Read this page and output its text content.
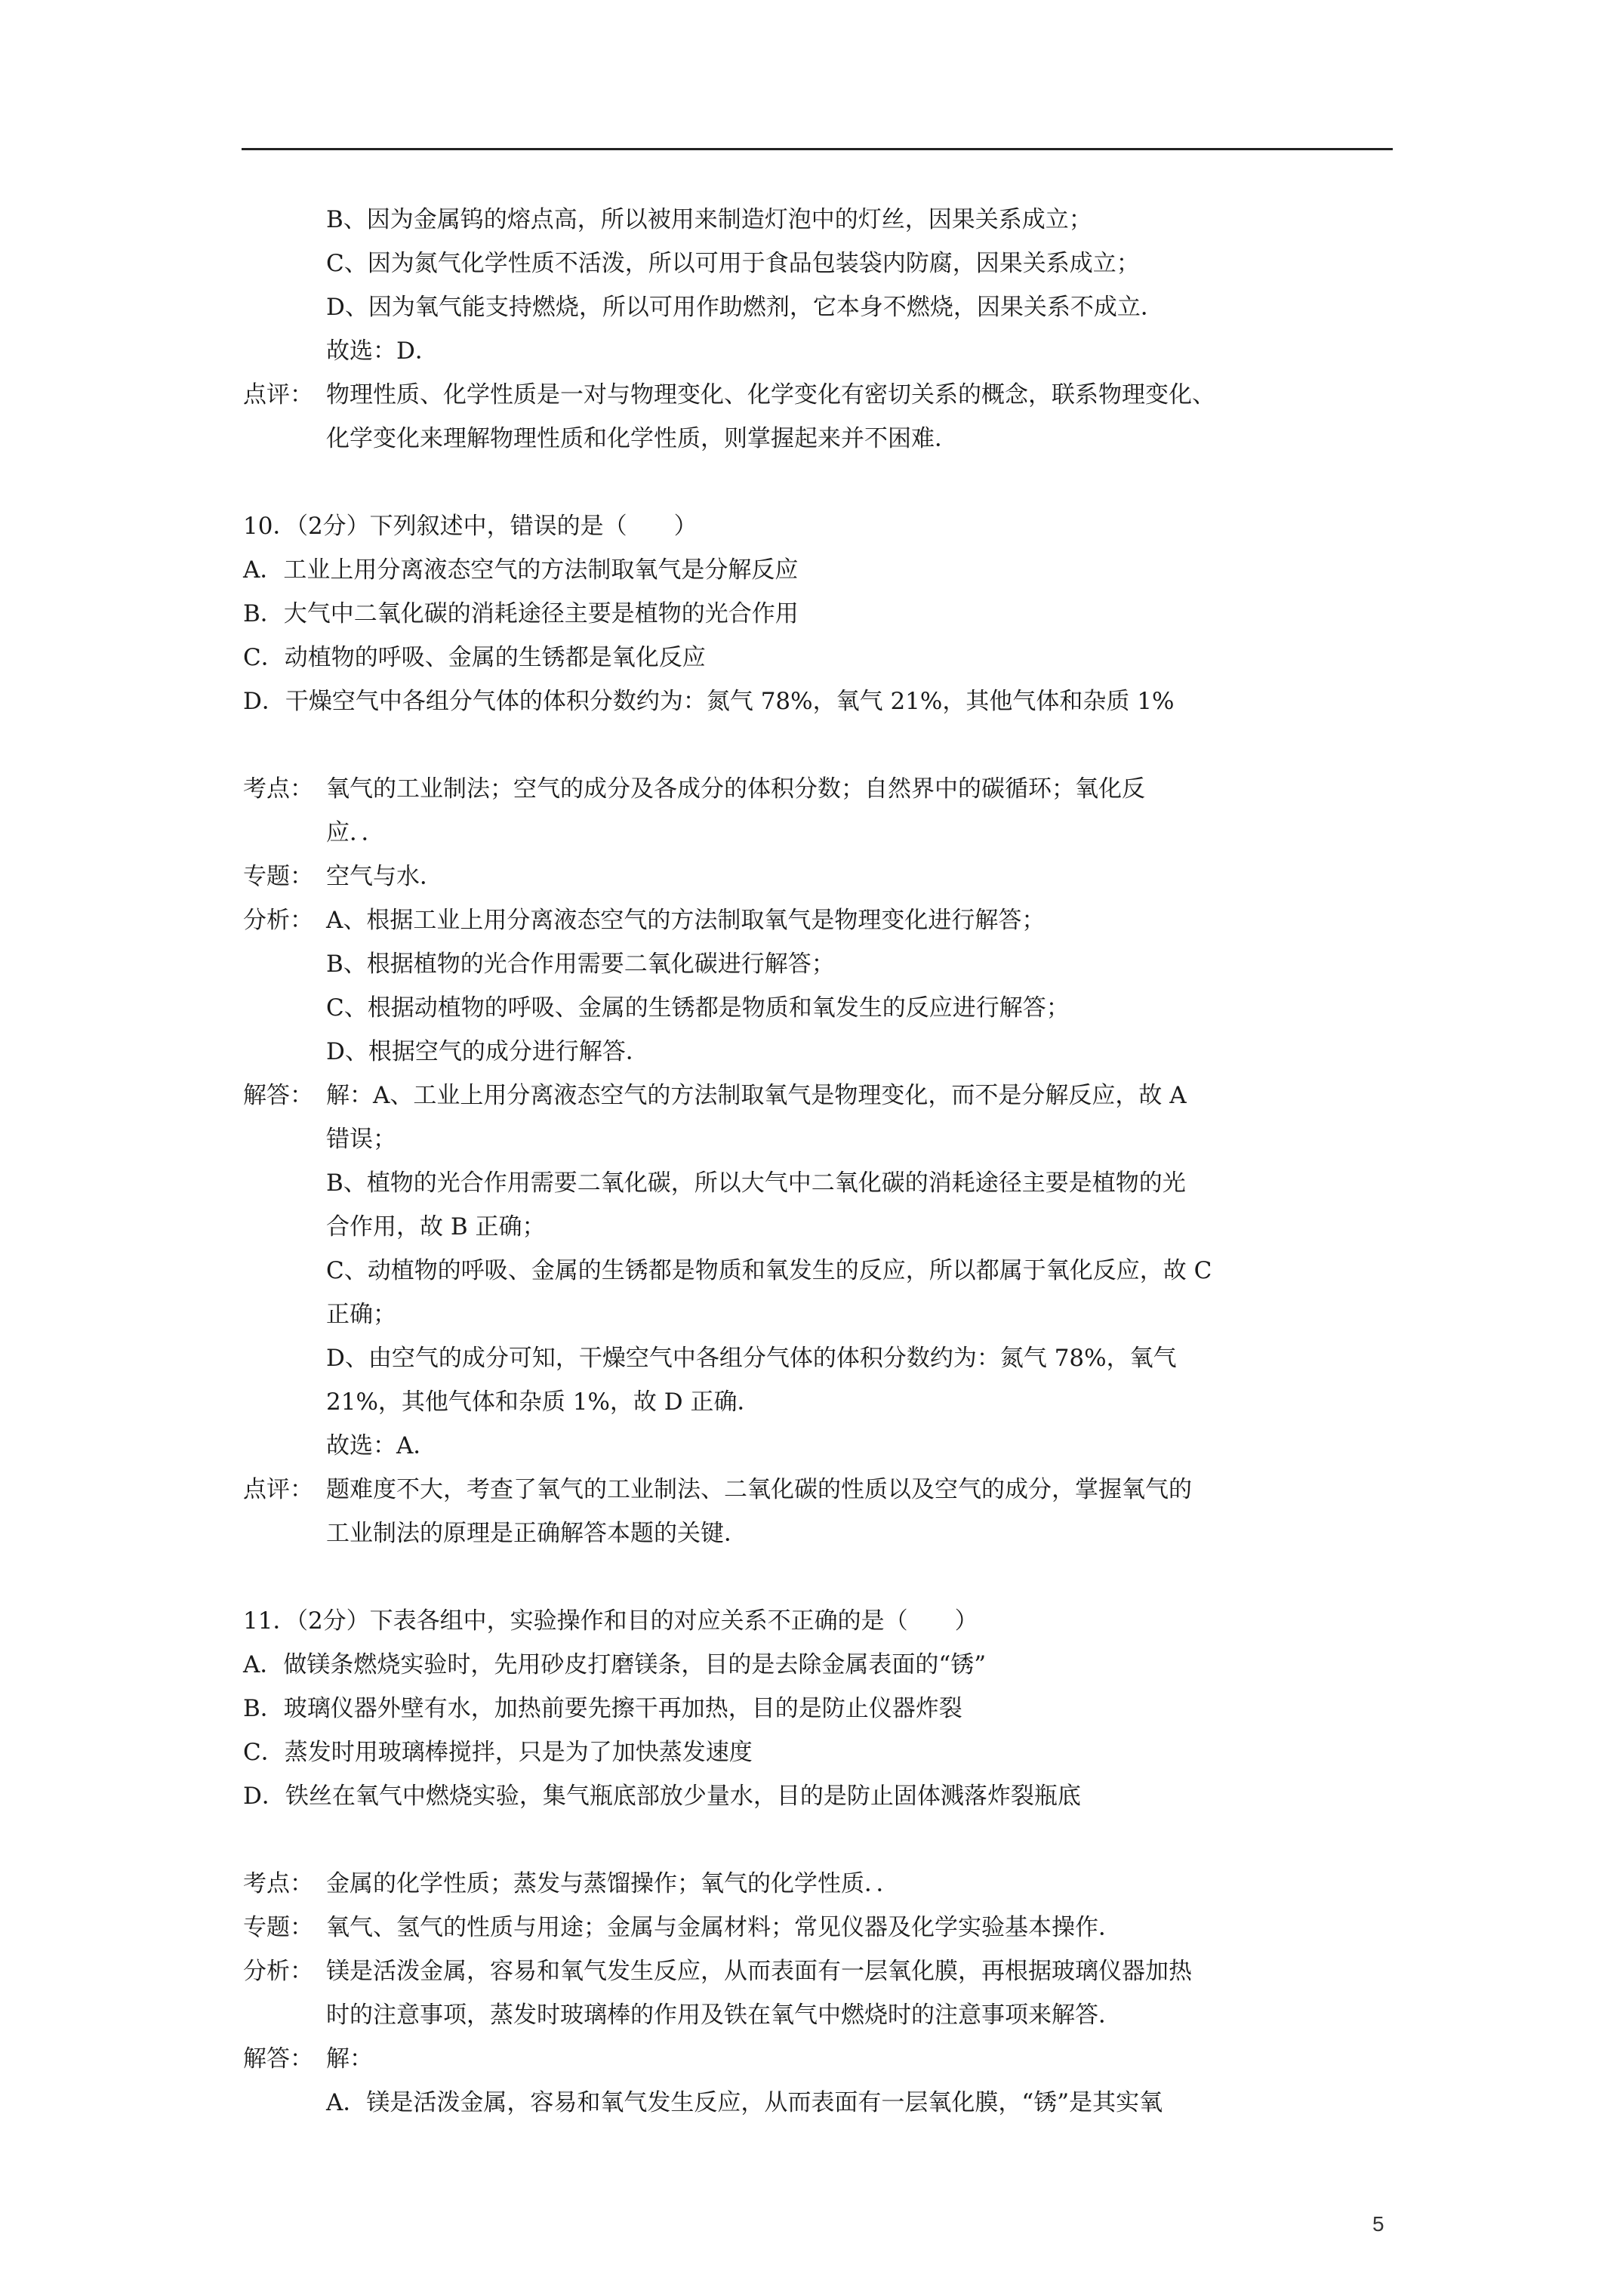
B、因为金属钨的熔点高，所以被用来制造灯泡中的灯丝，因果关系成立；
C、因为氮气化学性质不活泼，所以可用于食品包装袋内防腐，因果关系成立；
D、因为氧气能支持燃烧，所以可用作助燃剂，它本身不燃烧，因果关系不成立．
故选：D．
点评： 物理性质、化学性质是一对与物理变化、化学变化有密切关系的概念，联系物理变化、
化学变化来理解物理性质和化学性质，则掌握起来并不困难．
10．（2分）下列叙述中，错误的是（　　）
A．工业上用分离液态空气的方法制取氧气是分解反应
B．大气中二氧化碳的消耗途径主要是植物的光合作用
C．动植物的呼吸、金属的生锈都是氧化反应
D．干燥空气中各组分气体的体积分数约为：氮气 78%，氧气 21%，其他气体和杂质 1%
考点： 氧气的工业制法；空气的成分及各成分的体积分数；自然界中的碳循环；氧化反
应．．
专题： 空气与水．
分析： A、根据工业上用分离液态空气的方法制取氧气是物理变化进行解答；
B、根据植物的光合作用需要二氧化碳进行解答；
C、根据动植物的呼吸、金属的生锈都是物质和氧发生的反应进行解答；
D、根据空气的成分进行解答．
解答： 解：A、工业上用分离液态空气的方法制取氧气是物理变化，而不是分解反应，故 A
错误；
B、植物的光合作用需要二氧化碳，所以大气中二氧化碳的消耗途径主要是植物的光
合作用，故 B 正确；
C、动植物的呼吸、金属的生锈都是物质和氧发生的反应，所以都属于氧化反应，故 C
正确；
D、由空气的成分可知，干燥空气中各组分气体的体积分数约为：氮气 78%，氧气
21%，其他气体和杂质 1%，故 D 正确．
故选：A．
点评： 题难度不大，考查了氧气的工业制法、二氧化碳的性质以及空气的成分，掌握氧气的
工业制法的原理是正确解答本题的关键．
11．（2分）下表各组中，实验操作和目的对应关系不正确的是（　　）
A．做镁条燃烧实验时，先用砂皮打磨镁条，目的是去除金属表面的“锈”
B．玻璃仪器外壁有水，加热前要先擦干再加热，目的是防止仪器炸裂
C．蒸发时用玻璃棒搅拌，只是为了加快蒸发速度
D．铁丝在氧气中燃烧实验，集气瓶底部放少量水，目的是防止固体溅落炸裂瓶底
考点： 金属的化学性质；蒸发与蒸馏操作；氧气的化学性质．．
专题： 氧气、氢气的性质与用途；金属与金属材料；常见仪器及化学实验基本操作．
分析： 镁是活泼金属，容易和氧气发生反应，从而表面有一层氧化膜，再根据玻璃仪器加热
时的注意事项，蒸发时玻璃棒的作用及铁在氧气中燃烧时的注意事项来解答．
解答： 解：
A．镁是活泼金属，容易和氧气发生反应，从而表面有一层氧化膜，“锈”是其实氧
5
